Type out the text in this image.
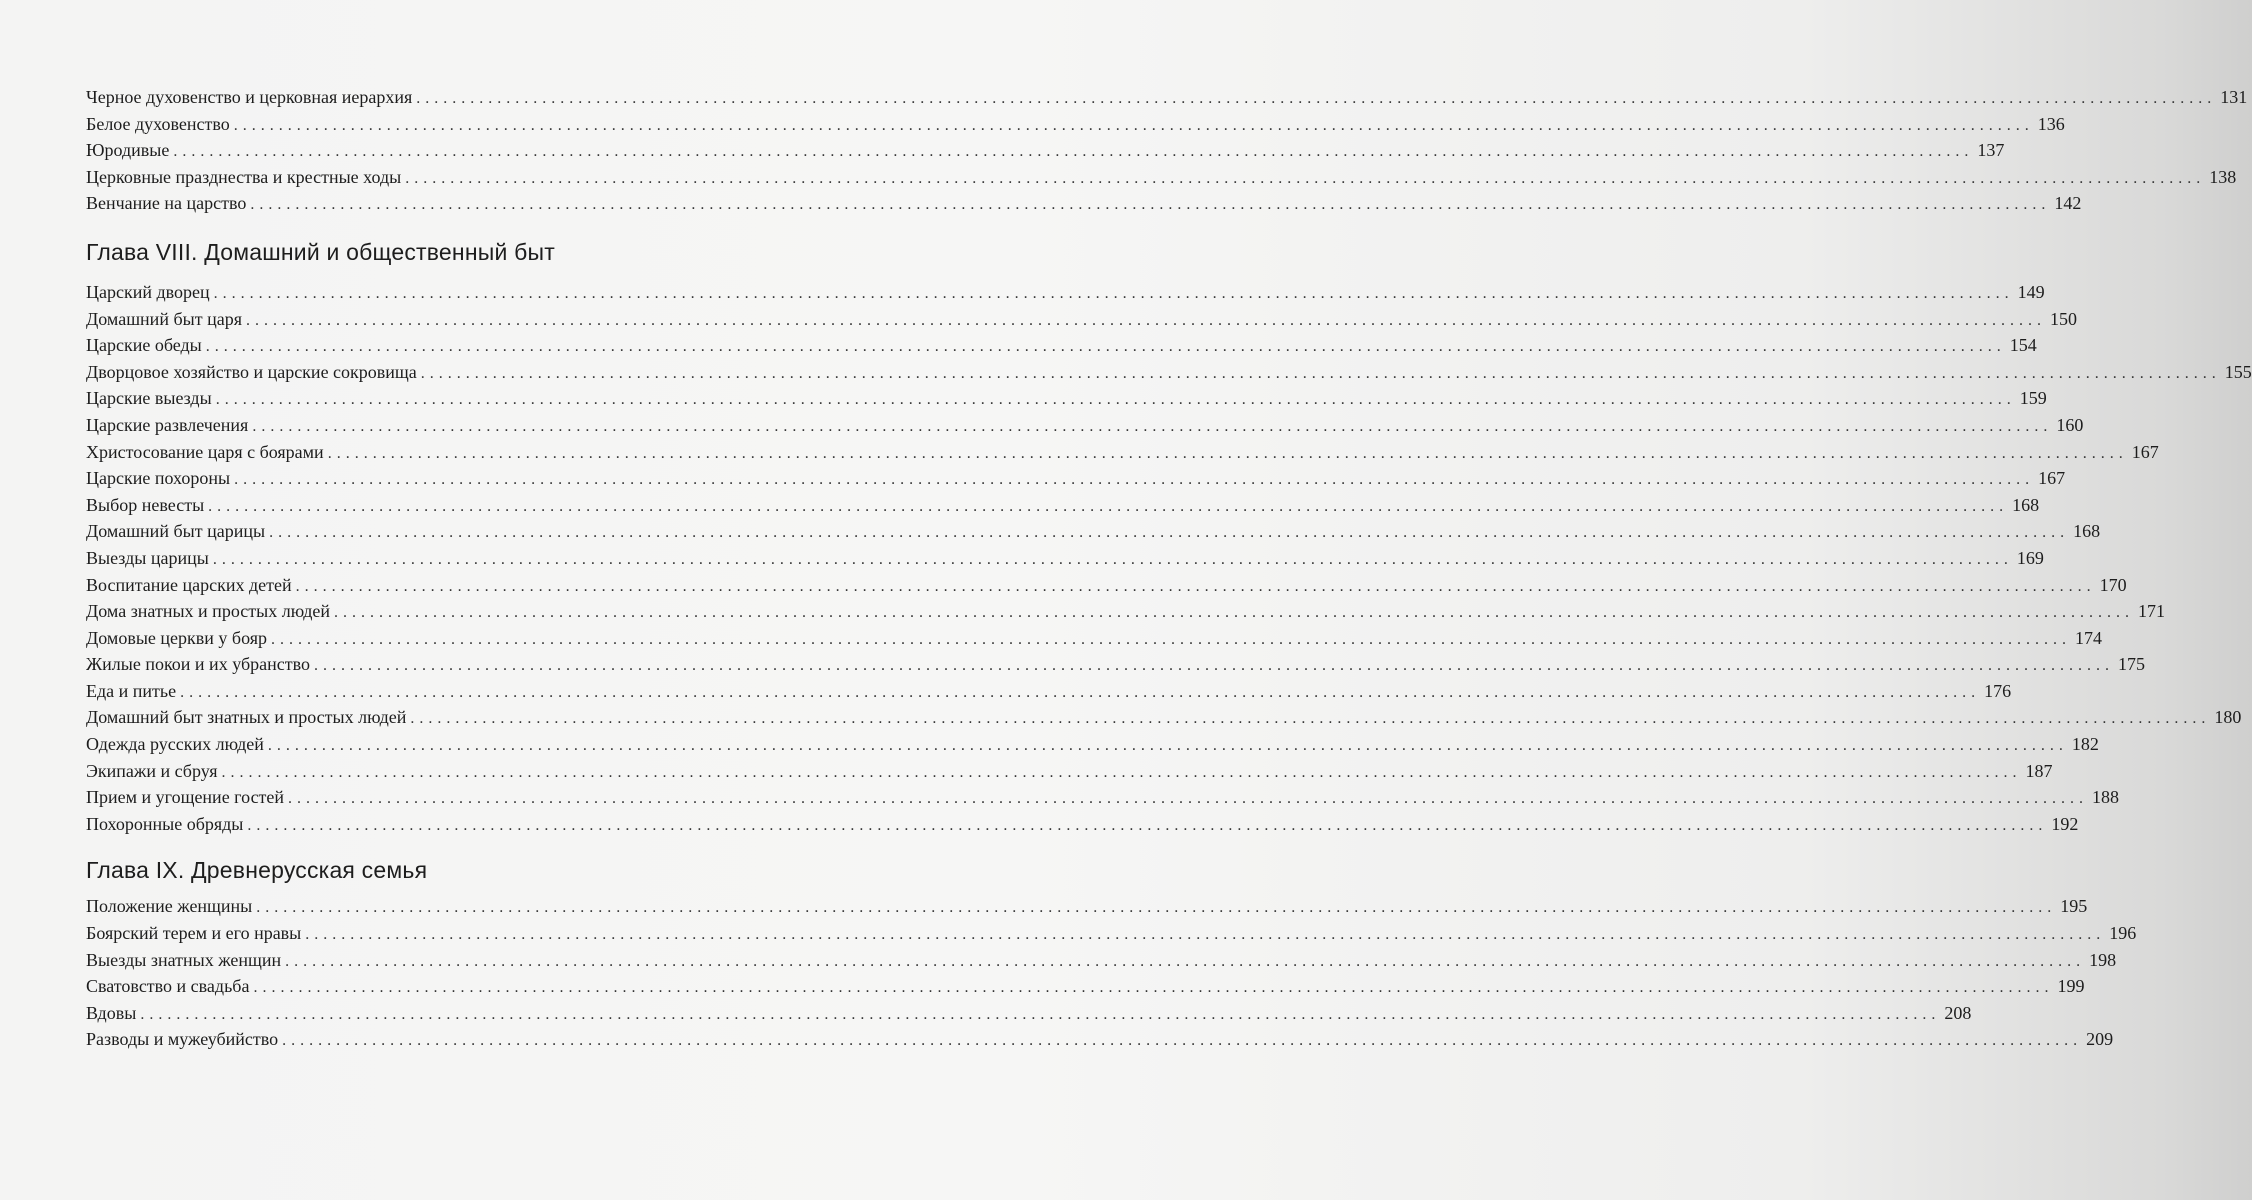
Черное духовенство и церковная иерархия ........................................................................................................................................................................................................ 131
Белое духовенство ........................................................................................................................................................................................................ 136
Юродивые ........................................................................................................................................................................................................ 137
Церковные празднества и крестные ходы ........................................................................................................................................................................................................ 138
Венчание на царство ........................................................................................................................................................................................................ 142
Глава VIII. Домашний и общественный быт
Царский дворец ........................................................................................................................................................................................................ 149
Домашний быт царя ........................................................................................................................................................................................................ 150
Царские обеды ........................................................................................................................................................................................................ 154
Дворцовое хозяйство и царские сокровища ........................................................................................................................................................................................................ 155
Царские выезды ........................................................................................................................................................................................................ 159
Царские развлечения ........................................................................................................................................................................................................ 160
Христосование царя с боярами ........................................................................................................................................................................................................ 167
Царские похороны ........................................................................................................................................................................................................ 167
Выбор невесты ........................................................................................................................................................................................................ 168
Домашний быт царицы ........................................................................................................................................................................................................ 168
Выезды царицы ........................................................................................................................................................................................................ 169
Воспитание царских детей ........................................................................................................................................................................................................ 170
Дома знатных и простых людей ........................................................................................................................................................................................................ 171
Домовые церкви у бояр ........................................................................................................................................................................................................ 174
Жилые покои и их убранство ........................................................................................................................................................................................................ 175
Еда и питье ........................................................................................................................................................................................................ 176
Домашний быт знатных и простых людей ........................................................................................................................................................................................................ 180
Одежда русских людей ........................................................................................................................................................................................................ 182
Экипажи и сбруя ........................................................................................................................................................................................................ 187
Прием и угощение гостей ........................................................................................................................................................................................................ 188
Похоронные обряды ........................................................................................................................................................................................................ 192
Глава IX. Древнерусская семья
Положение женщины ........................................................................................................................................................................................................ 195
Боярский терем и его нравы ........................................................................................................................................................................................................ 196
Выезды знатных женщин ........................................................................................................................................................................................................ 198
Сватовство и свадьба ........................................................................................................................................................................................................ 199
Вдовы ........................................................................................................................................................................................................ 208
Разводы и мужеубийство ........................................................................................................................................................................................................ 209
